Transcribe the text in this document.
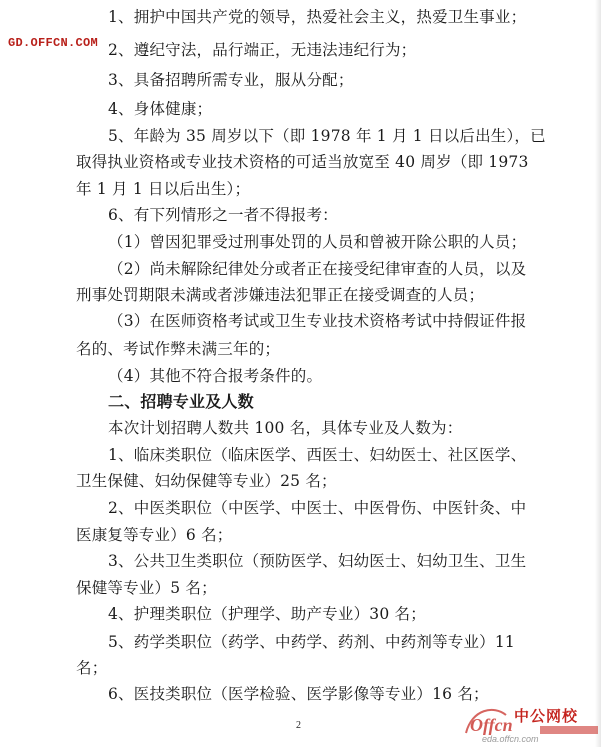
1、拥护中国共产党的领导，热爱社会主义，热爱卫生事业；
2、遵纪守法，品行端正，无违法违纪行为；
3、具备招聘所需专业，服从分配；
4、身体健康；
5、年龄为 35 周岁以下（即 1978 年 1 月 1 日以后出生），已
取得执业资格或专业技术资格的可适当放宽至 40 周岁（即 1973
年 1 月 1 日以后出生）；
6、有下列情形之一者不得报考：
（1）曾因犯罪受过刑事处罚的人员和曾被开除公职的人员；
（2）尚未解除纪律处分或者正在接受纪律审查的人员，以及
刑事处罚期限未满或者涉嫌违法犯罪正在接受调查的人员；
（3）在医师资格考试或卫生专业技术资格考试中持假证件报
名的、考试作弊未满三年的；
（4）其他不符合报考条件的。
二、招聘专业及人数
本次计划招聘人数共 100 名，具体专业及人数为：
1、临床类职位（临床医学、西医士、妇幼医士、社区医学、
卫生保健、妇幼保健等专业）25 名；
2、中医类职位（中医学、中医士、中医骨伤、中医针灸、中
医康复等专业）6 名；
3、公共卫生类职位（预防医学、妇幼医士、妇幼卫生、卫生
保健等专业）5 名；
4、护理类职位（护理学、助产专业）30 名；
5、药学类职位（药学、中药学、药剂、中药剂等专业）11
名；
6、医技类职位（医学检验、医学影像等专业）16 名；
GD.OFFCN.COM
2	Offcn 中公网校
eda.offcn.com
